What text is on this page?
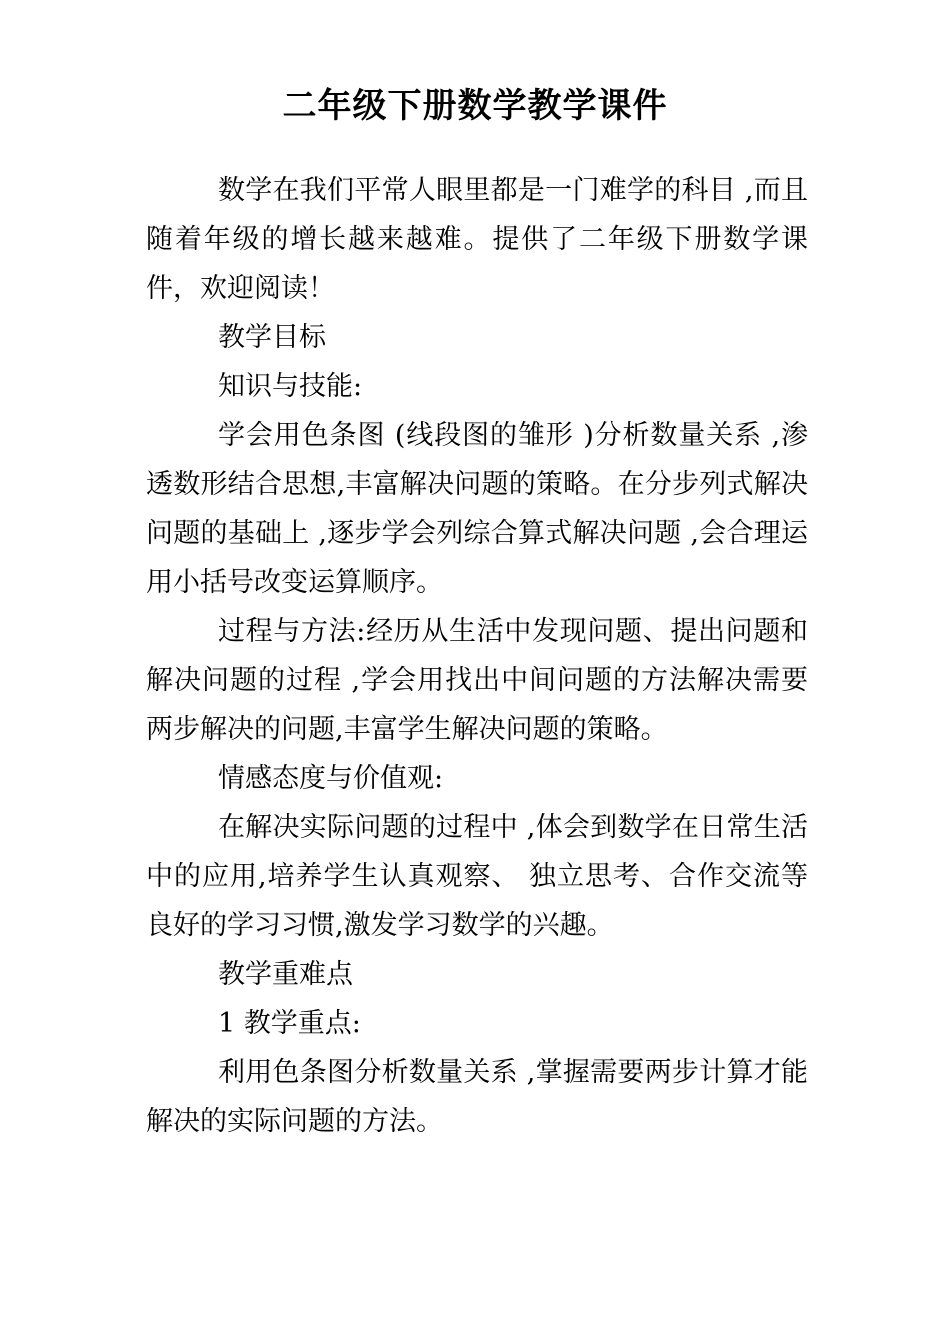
二年级下册数学教学课件

数学在我们平常人眼里都是一门难学的科目 ,而且随着年级的增长越来越难。提供了二年级下册数学课件，欢迎阅读！

教学目标

知识与技能:

学会用色条图 (线段图的雏形 )分析数量关系 ,渗透数形结合思想,丰富解决问题的策略。在分步列式解决问题的基础上 ,逐步学会列综合算式解决问题 ,会合理运用小括号改变运算顺序。

过程与方法:经历从生活中发现问题、提出问题和解决问题的过程 ,学会用找出中间问题的方法解决需要两步解决的问题,丰富学生解决问题的策略。

情感态度与价值观:

在解决实际问题的过程中 ,体会到数学在日常生活中的应用,培养学生认真观察、 独立思考、合作交流等良好的学习习惯,激发学习数学的兴趣。

教学重难点

1 教学重点:

利用色条图分析数量关系 ,掌握需要两步计算才能解决的实际问题的方法。
